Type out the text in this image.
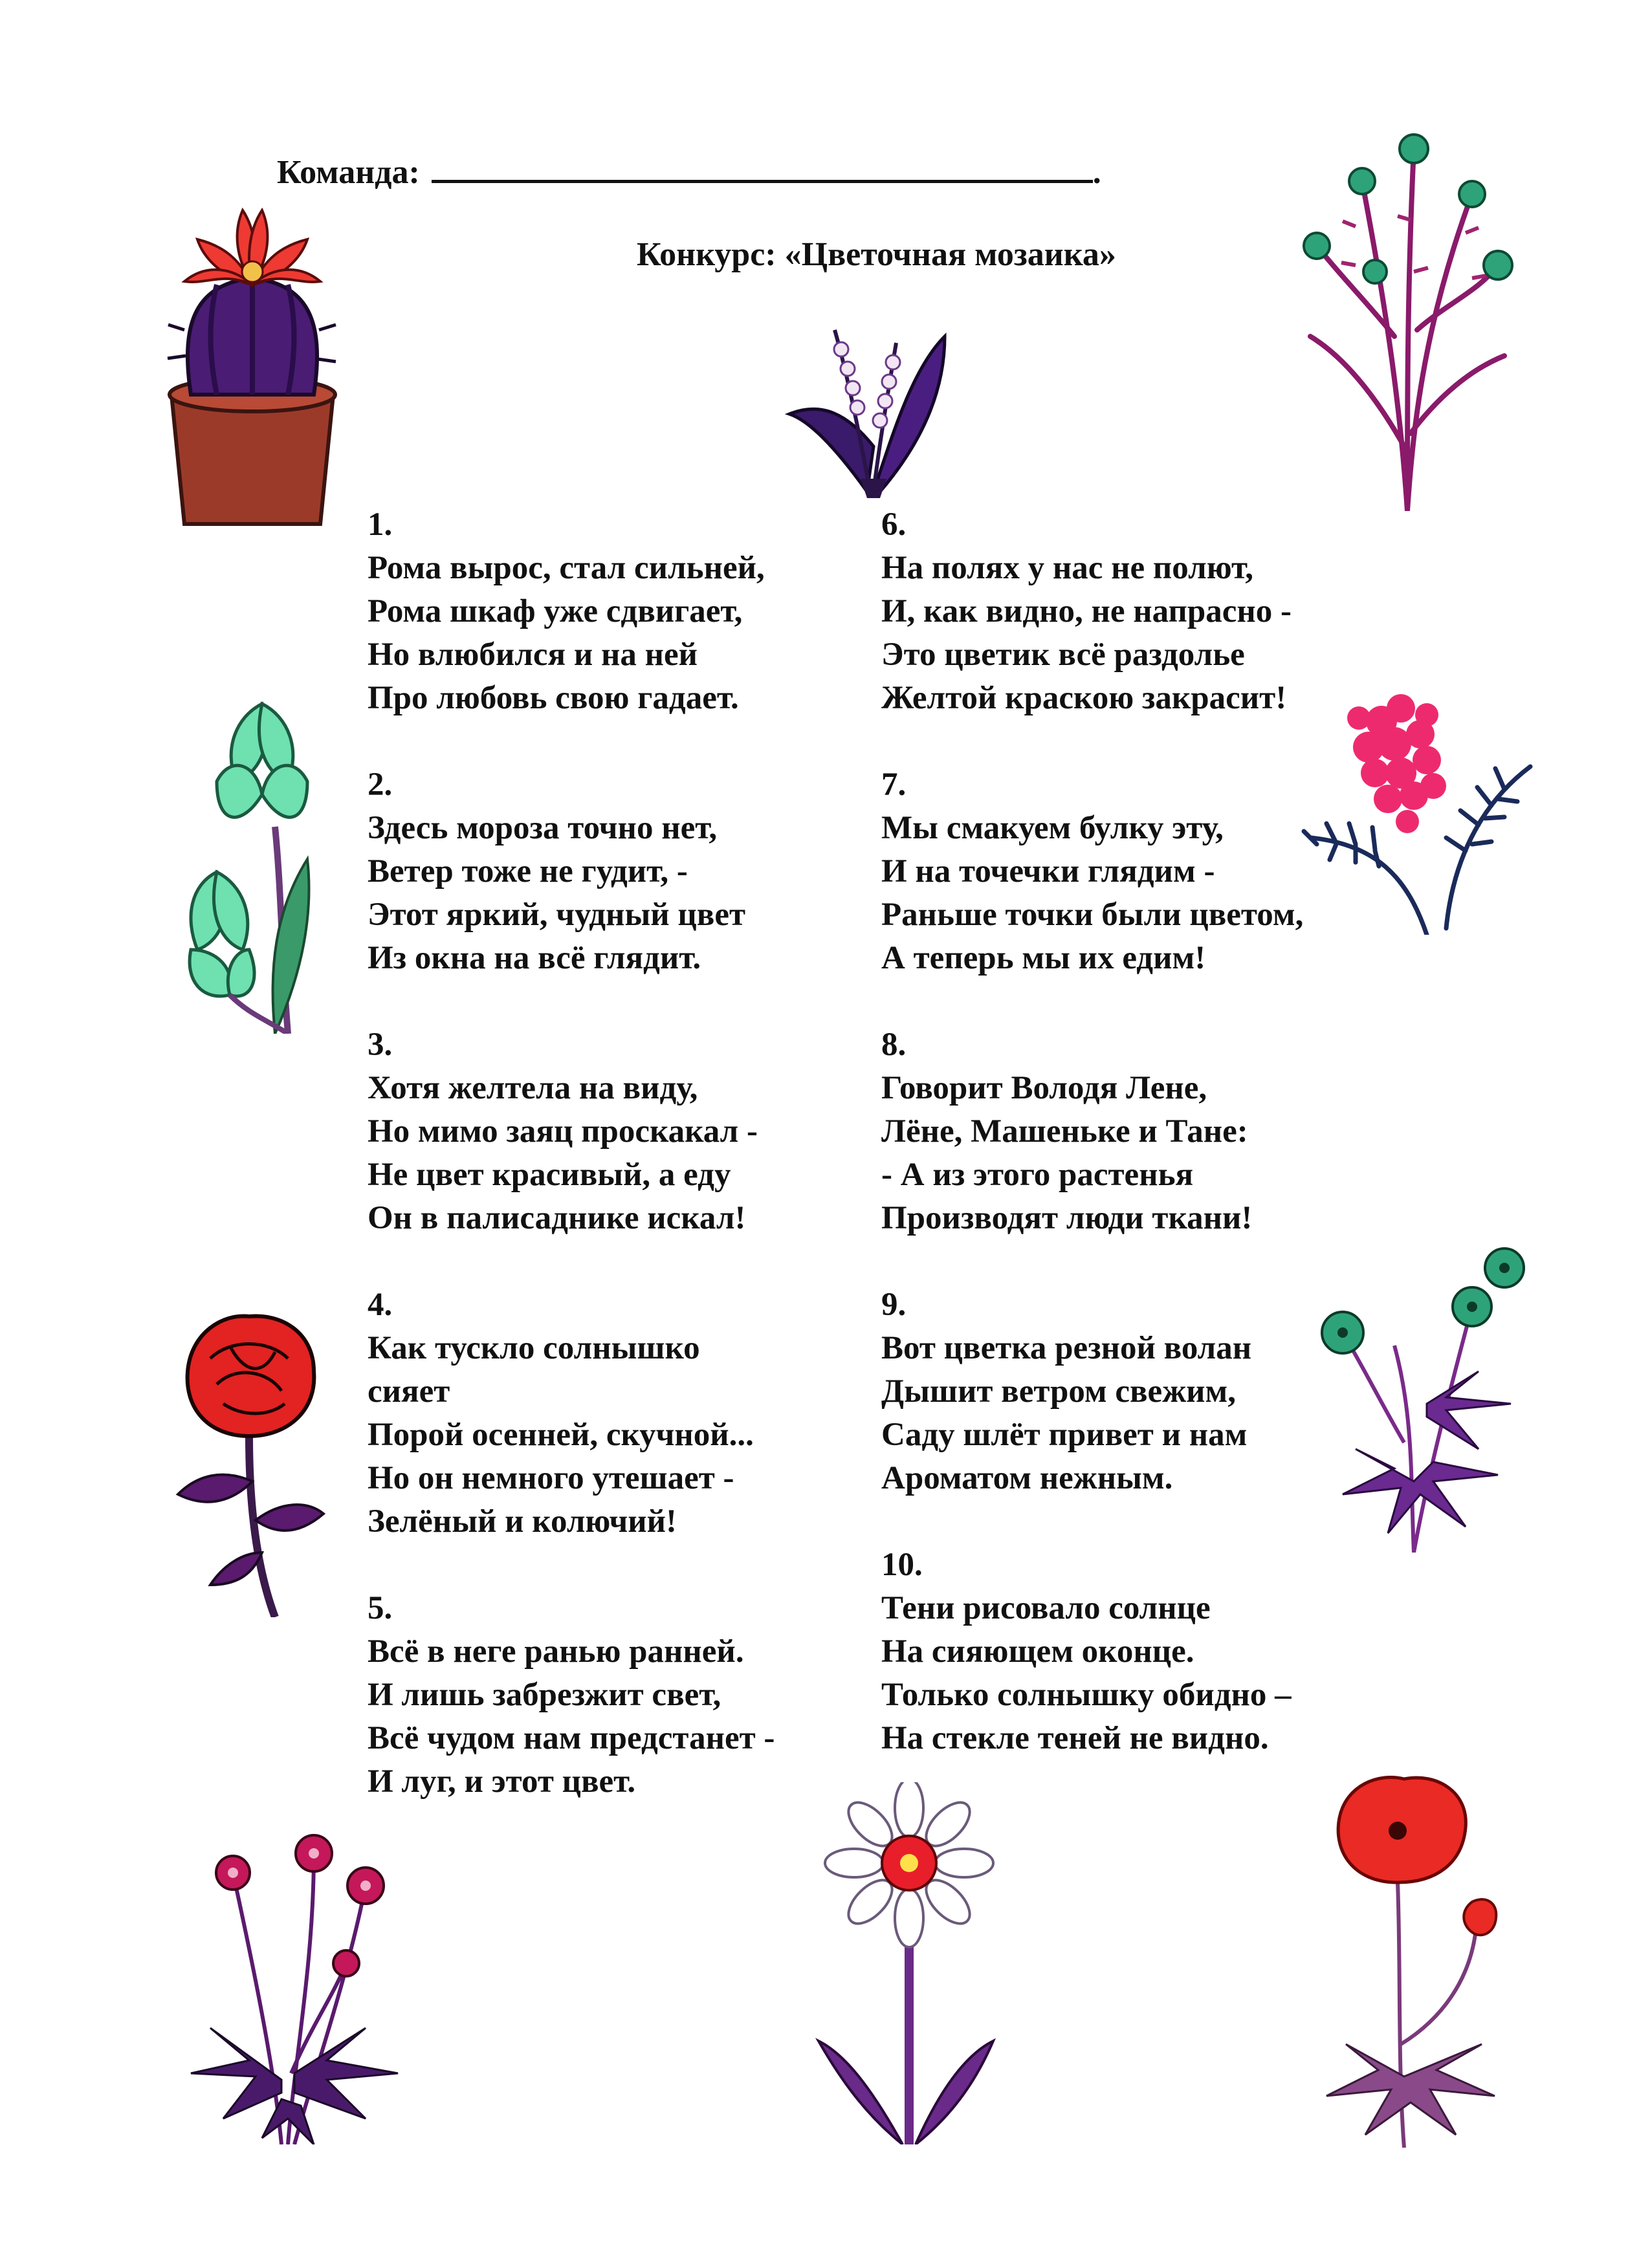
Команда:	.
Конкурс: «Цветочная мозаика»
1.
Рома вырос, стал сильней,
Рома шкаф уже сдвигает,
Но влюбился и на ней
Про любовь свою гадает.
2.
Здесь мороза точно нет,
Ветер тоже не гудит, -
Этот яркий, чудный цвет
Из окна на всё глядит.
3.
Хотя желтела на виду,
Но мимо заяц проскакал -
Не цвет красивый, а еду
Он в палисаднике искал!
4.
Как тускло солнышко
сияет
Порой осенней, скучной...
Но он немного утешает -
Зелёный и колючий!
5.
Всё в неге ранью ранней.
И лишь забрезжит свет,
Всё чудом нам предстанет -
И луг, и этот цвет.
6.
На полях у нас не полют,
И, как видно, не напрасно -
Это цветик всё раздолье
Желтой краскою закрасит!
7.
Мы смакуем булку эту,
И на точечки глядим -
Раньше точки были цветом,
А теперь мы их едим!
8.
Говорит Володя Лене,
Лёне, Машеньке и Тане:
- А из этого растенья
Производят люди ткани!
9.
Вот цветка резной волан
Дышит ветром свежим,
Саду шлёт привет и нам
Ароматом нежным.
10.
Тени рисовало солнце
На сияющем оконце.
Только солнышку обидно –
На стекле теней не видно.
